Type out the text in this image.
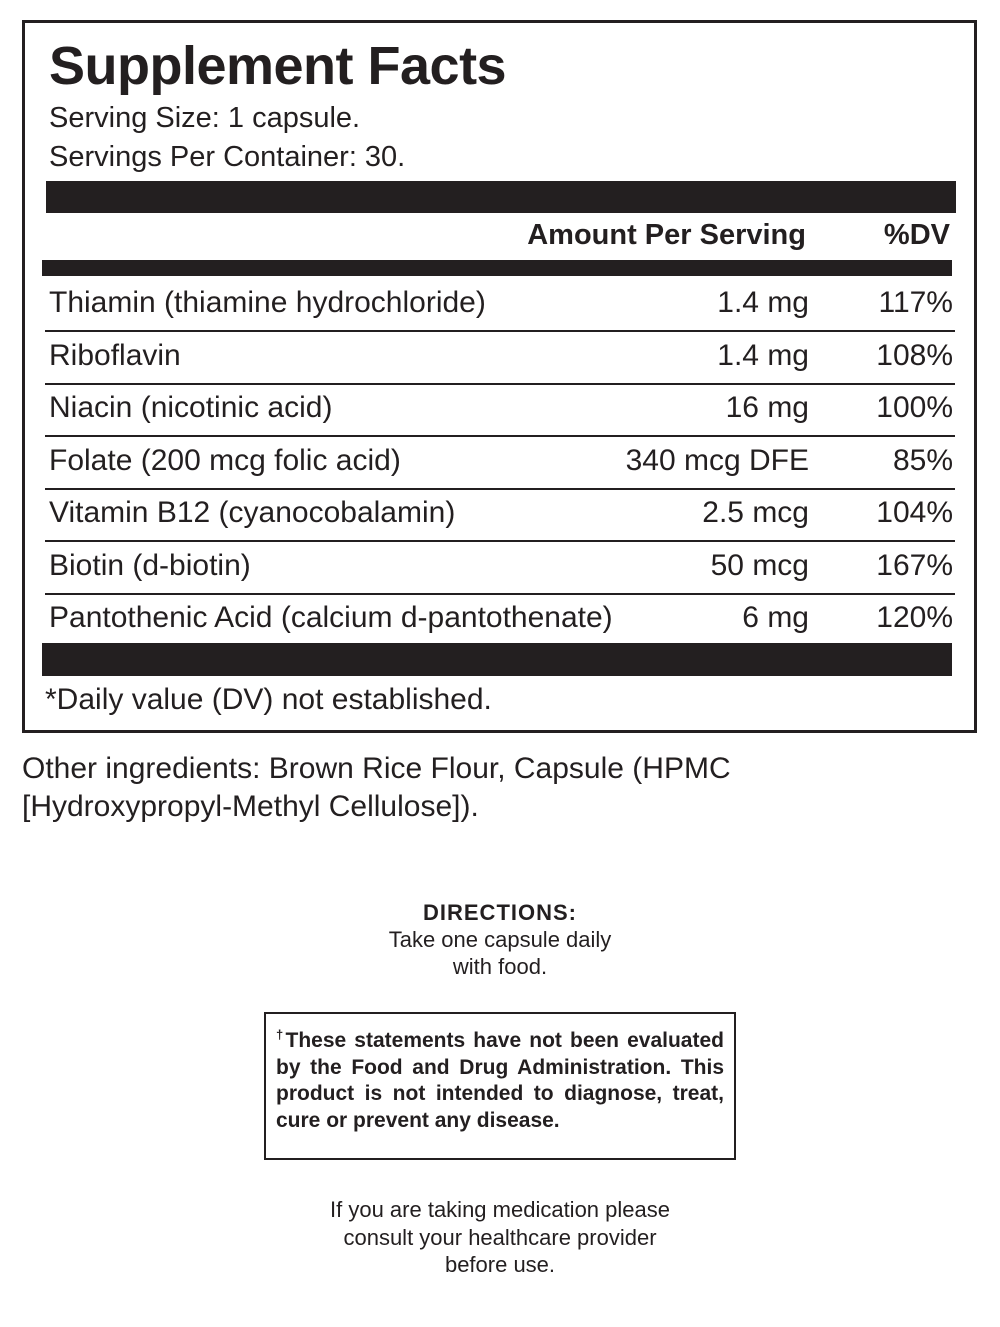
Supplement Facts
Serving Size: 1 capsule.
Servings Per Container: 30.
Amount Per Serving	%DV
Thiamin (thiamine hydrochloride)	1.4 mg 117%
Riboflavin	1.4 mg 108%
Niacin (nicotinic acid)	16 mg 100%
Folate (200 mcg folic acid)	340 mcg DFE	85%
Vitamin B12 (cyanocobalamin)	2.5 mcg 104%
Biotin (d-biotin)	50 mcg 167%
Pantothenic Acid (calcium d-pantothenate)	6 mg 120%
*Daily value (DV) not established.
Other ingredients: Brown Rice Flour, Capsule (HPMC [Hydroxypropyl-Methyl Cellulose]).
DIRECTIONS:
Take one capsule daily
with food.
†These statements have not been evaluated by the Food and Drug Administration. This product is not intended to diagnose, treat, cure or prevent any disease.
If you are taking medication please
consult your healthcare provider
before use.
